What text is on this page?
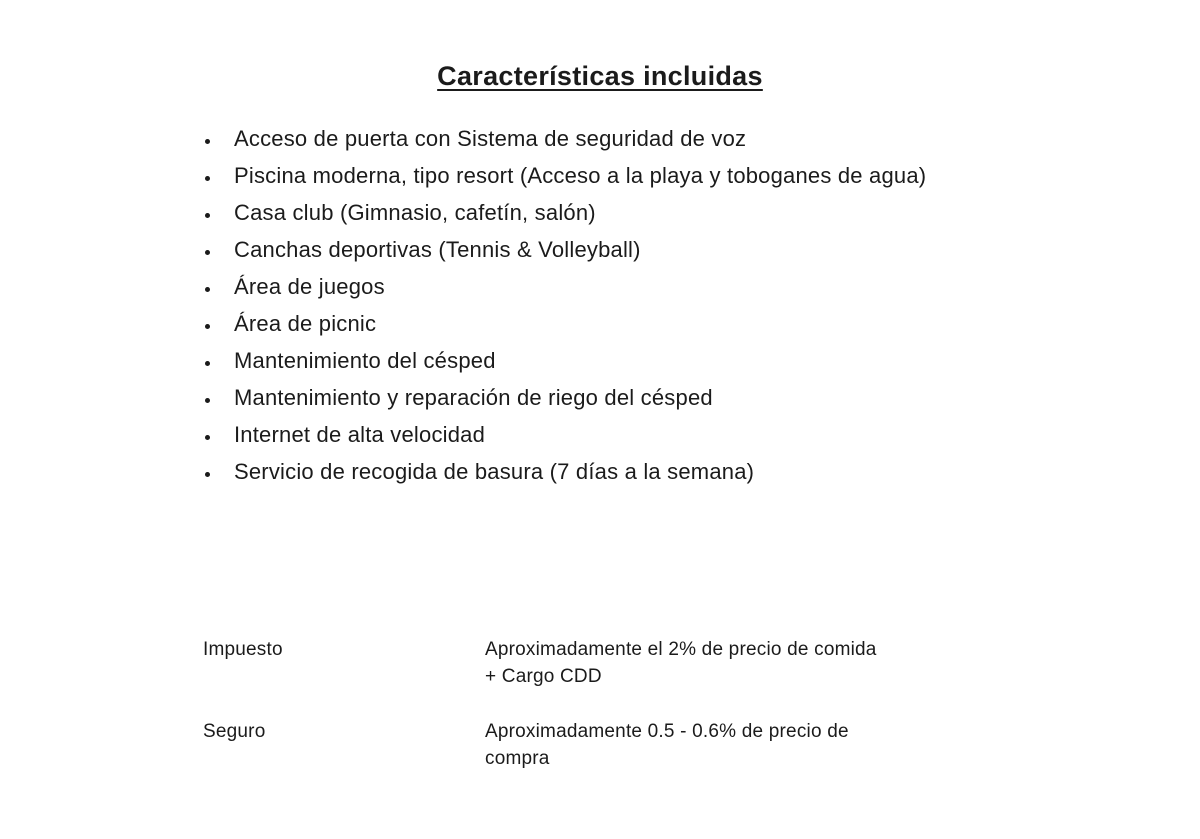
Características incluidas
• Acceso de puerta con Sistema de seguridad de voz
• Piscina moderna, tipo resort (Acceso a la playa y toboganes de agua)
• Casa club (Gimnasio, cafetín, salón)
• Canchas deportivas (Tennis & Volleyball)
• Área de juegos
• Área de picnic
• Mantenimiento del césped
• Mantenimiento y reparación de riego del césped
• Internet de alta velocidad
• Servicio de recogida de basura (7 días a la semana)
Impuesto	Aproximadamente el 2% de precio de comida
+ Cargo CDD
Seguro	Aproximadamente 0.5 - 0.6% de precio de
compra
